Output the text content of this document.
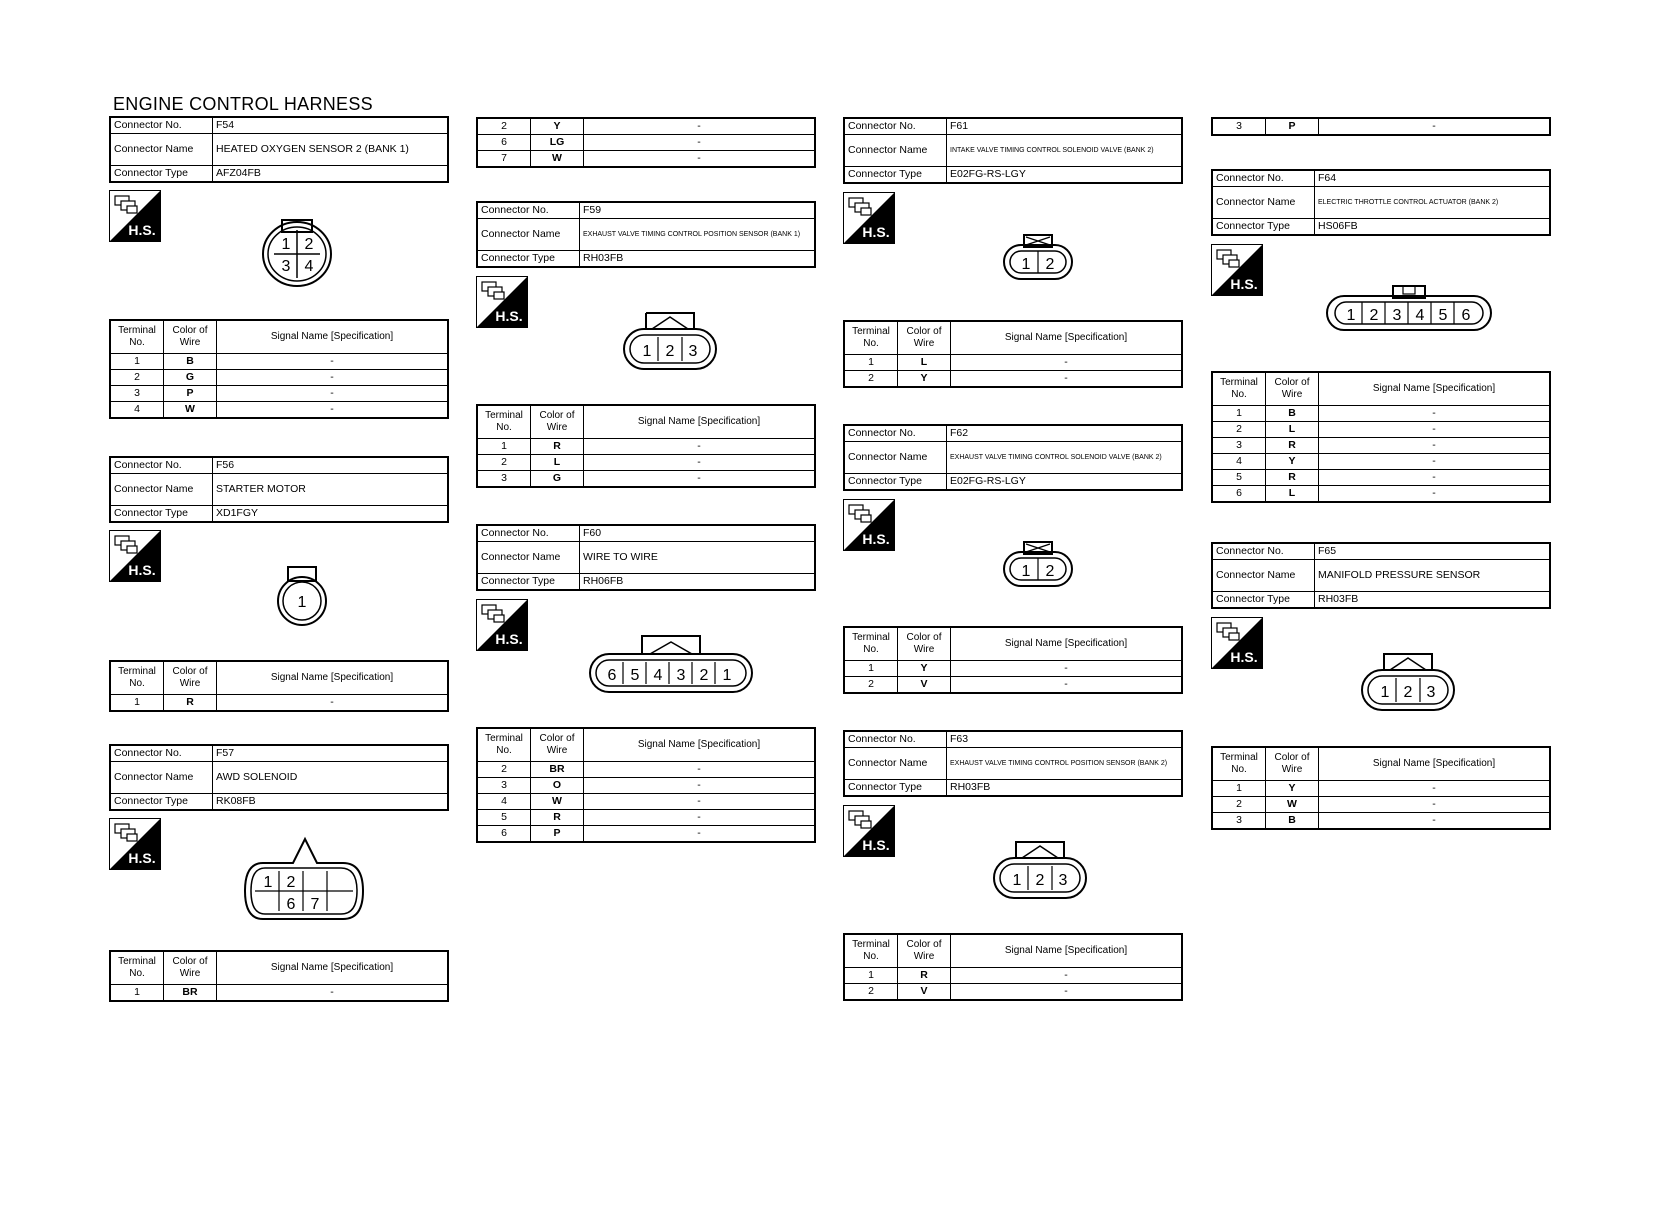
ENGINE CONTROL HARNESS
Connector No.	F54
Connector Name	HEATED OXYGEN SENSOR 2 (BANK 1)
Connector Type	AFZ04FB
H.S.
1 2
3 4
Terminal No.	Color of Wire	Signal Name [Specification]
1	B	-
2	G	-
3	P	-
4	W	-
Connector No.	F56
Connector Name	STARTER MOTOR
Connector Type	XD1FGY
H.S.
1
Terminal No.	Color of Wire	Signal Name [Specification]
1	R	-
Connector No.	F57
Connector Name	AWD SOLENOID
Connector Type	RK08FB
H.S.
1 2
6 7
Terminal No.	Color of Wire	Signal Name [Specification]
1	BR	-
2	Y	-
6	LG	-
7	W	-
Connector No.	F59
Connector Name	EXHAUST VALVE TIMING CONTROL POSITION SENSOR (BANK 1)
Connector Type	RH03FB
H.S.
1 2 3
Terminal No.	Color of Wire	Signal Name [Specification]
1	R	-
2	L	-
3	G	-
Connector No.	F60
Connector Name	WIRE TO WIRE
Connector Type	RH06FB
H.S.
6 5 4 3 2 1
Terminal No.	Color of Wire	Signal Name [Specification]
2	BR	-
3	O	-
4	W	-
5	R	-
6	P	-
Connector No.	F61
Connector Name	INTAKE VALVE TIMING CONTROL SOLENOID VALVE (BANK 2)
Connector Type	E02FG-RS-LGY
H.S.
1 2
Terminal No.	Color of Wire	Signal Name [Specification]
1	L	-
2	Y	-
Connector No.	F62
Connector Name	EXHAUST VALVE TIMING CONTROL SOLENOID VALVE (BANK 2)
Connector Type	E02FG-RS-LGY
H.S.
1 2
Terminal No.	Color of Wire	Signal Name [Specification]
1	Y	-
2	V	-
Connector No.	F63
Connector Name	EXHAUST VALVE TIMING CONTROL POSITION SENSOR (BANK 2)
Connector Type	RH03FB
H.S.
1 2 3
Terminal No.	Color of Wire	Signal Name [Specification]
1	R	-
2	V	-
3	P	-
Connector No.	F64
Connector Name	ELECTRIC THROTTLE CONTROL ACTUATOR (BANK 2)
Connector Type	HS06FB
H.S.
1 2 3 4 5 6
Terminal No.	Color of Wire	Signal Name [Specification]
1	B	-
2	L	-
3	R	-
4	Y	-
5	R	-
6	L	-
Connector No.	F65
Connector Name	MANIFOLD PRESSURE SENSOR
Connector Type	RH03FB
H.S.
1 2 3
Terminal No.	Color of Wire	Signal Name [Specification]
1	Y	-
2	W	-
3	B	-
